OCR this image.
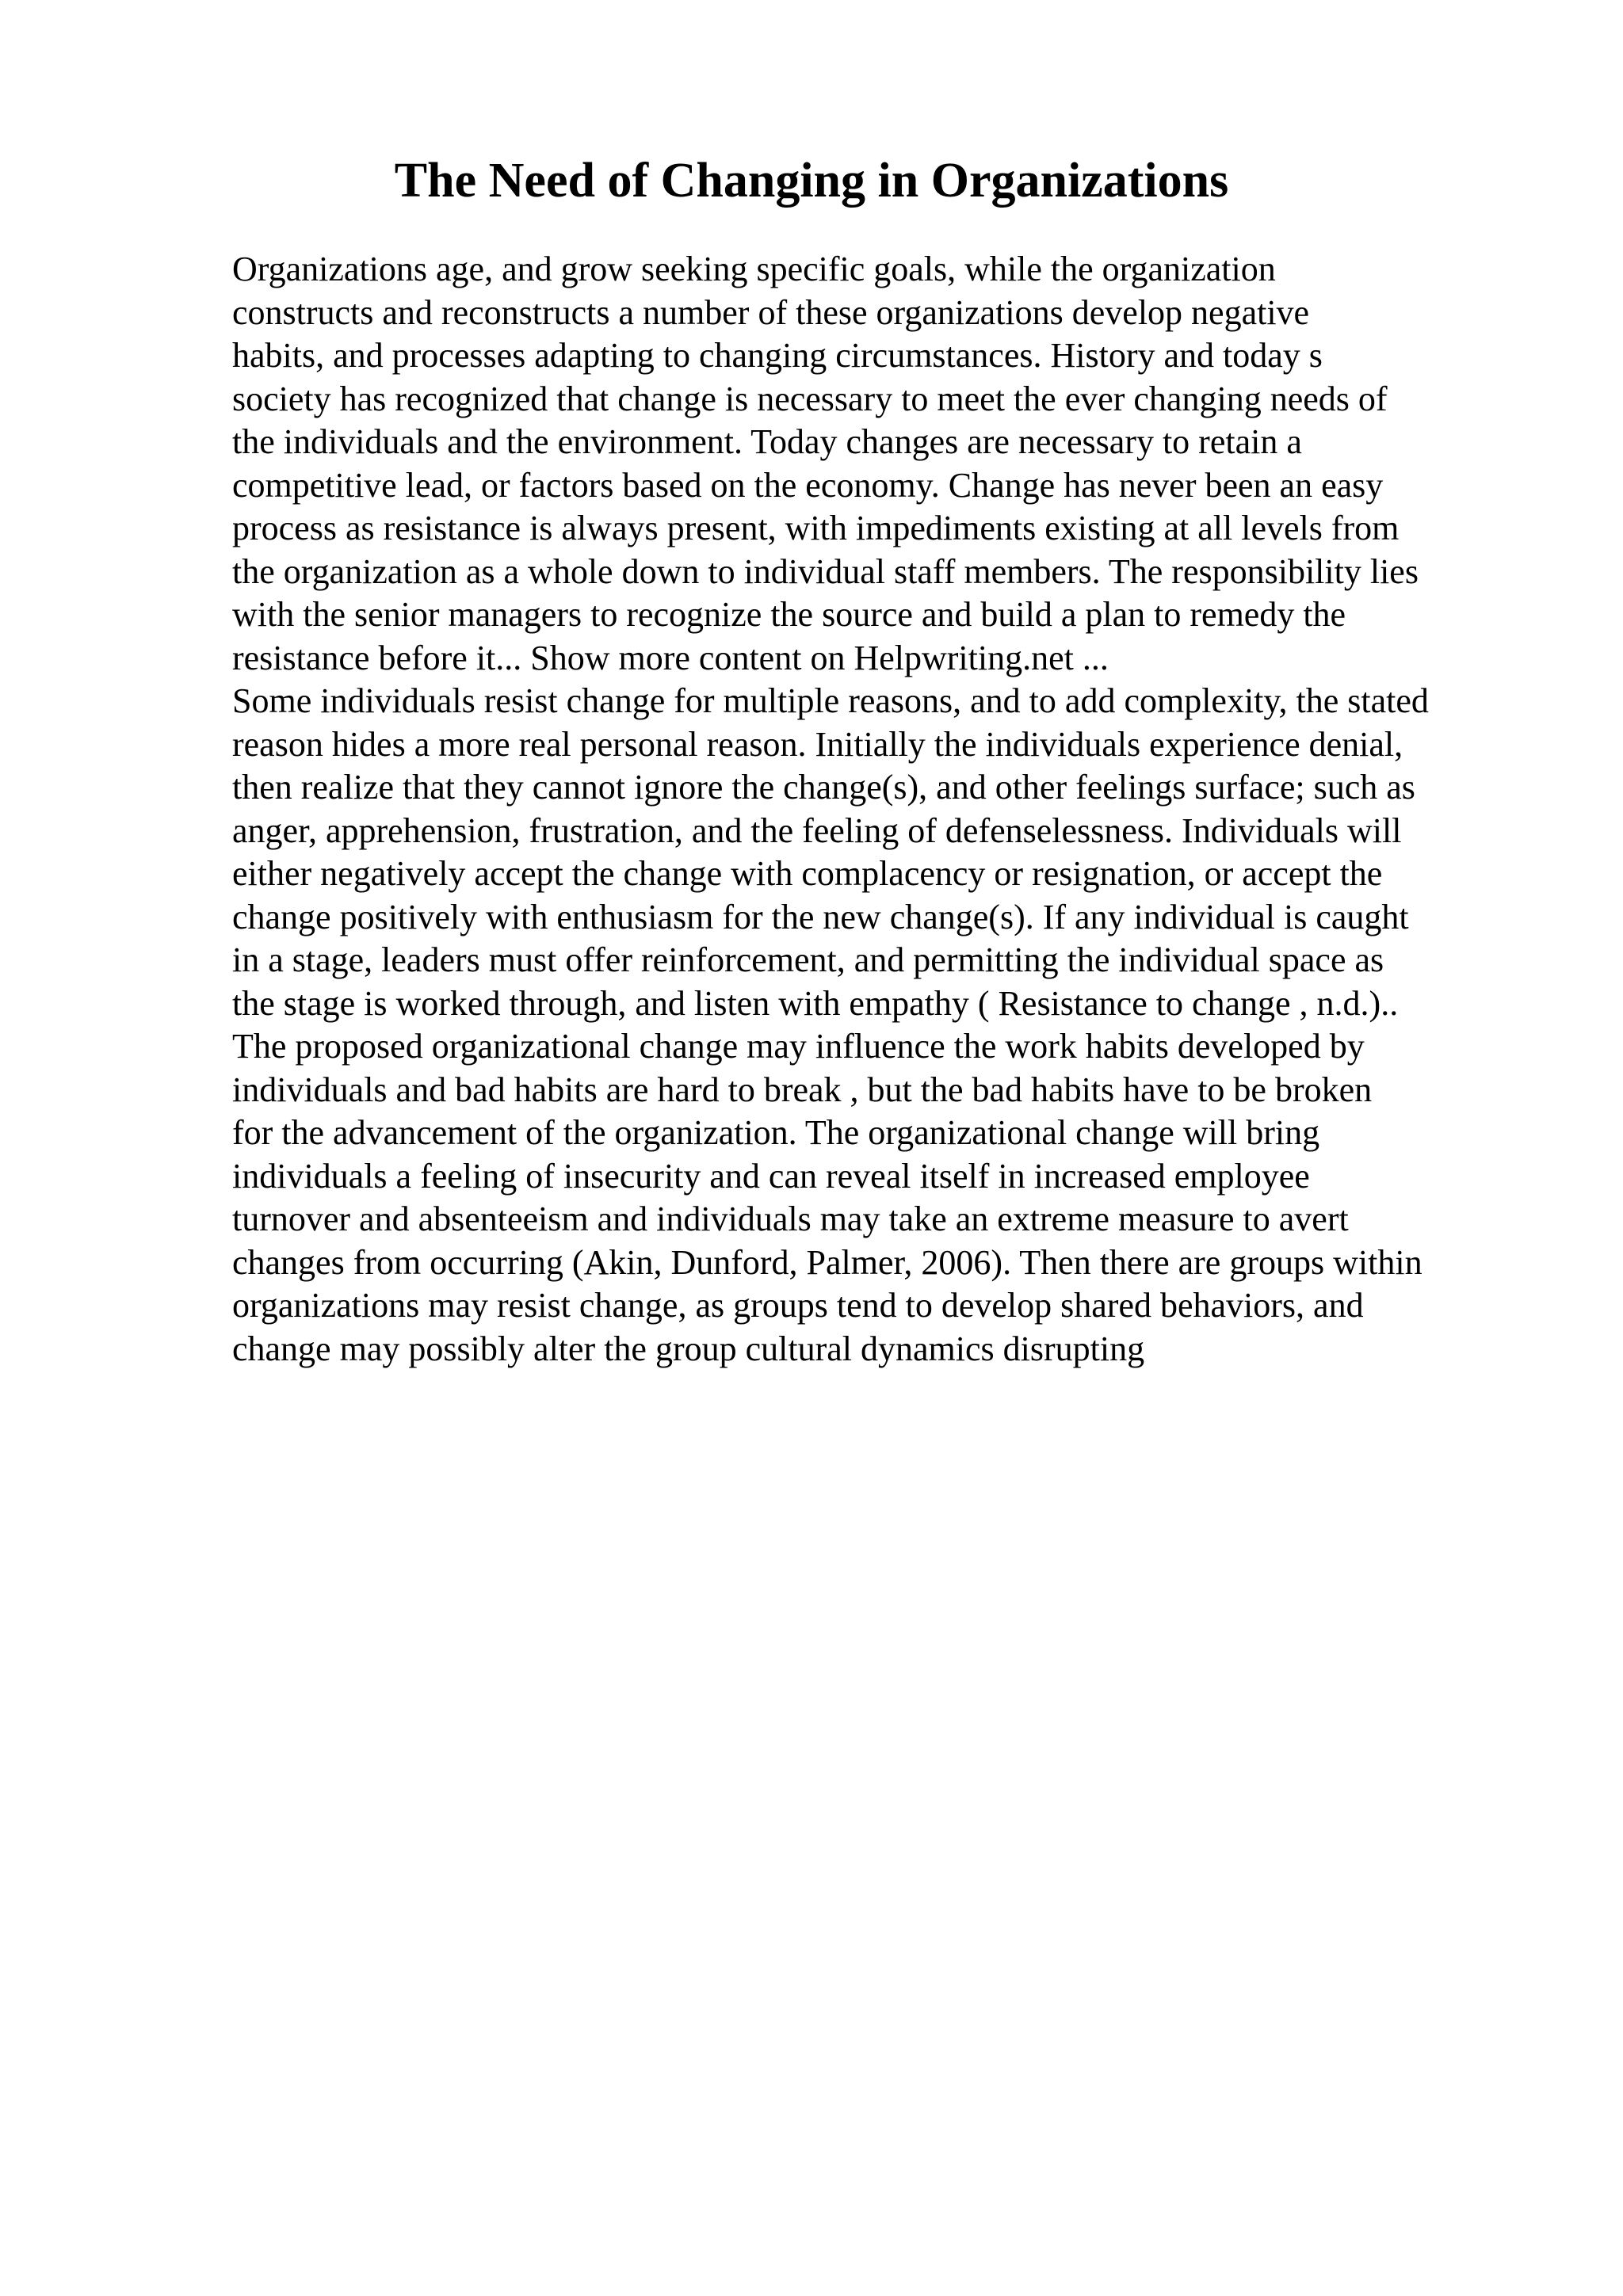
The Need of Changing in Organizations
Organizations age, and grow seeking specific goals, while the organization
constructs and reconstructs a number of these organizations develop negative
habits, and processes adapting to changing circumstances. History and today s
society has recognized that change is necessary to meet the ever changing needs of
the individuals and the environment. Today changes are necessary to retain a
competitive lead, or factors based on the economy. Change has never been an easy
process as resistance is always present, with impediments existing at all levels from
the organization as a whole down to individual staff members. The responsibility lies
with the senior managers to recognize the source and build a plan to remedy the
resistance before it... Show more content on Helpwriting.net ...
Some individuals resist change for multiple reasons, and to add complexity, the stated
reason hides a more real personal reason. Initially the individuals experience denial,
then realize that they cannot ignore the change(s), and other feelings surface; such as
anger, apprehension, frustration, and the feeling of defenselessness. Individuals will
either negatively accept the change with complacency or resignation, or accept the
change positively with enthusiasm for the new change(s). If any individual is caught
in a stage, leaders must offer reinforcement, and permitting the individual space as
the stage is worked through, and listen with empathy ( Resistance to change , n.d.)..
The proposed organizational change may influence the work habits developed by
individuals and bad habits are hard to break , but the bad habits have to be broken
for the advancement of the organization. The organizational change will bring
individuals a feeling of insecurity and can reveal itself in increased employee
turnover and absenteeism and individuals may take an extreme measure to avert
changes from occurring (Akin, Dunford, Palmer, 2006). Then there are groups within
organizations may resist change, as groups tend to develop shared behaviors, and
change may possibly alter the group cultural dynamics disrupting
